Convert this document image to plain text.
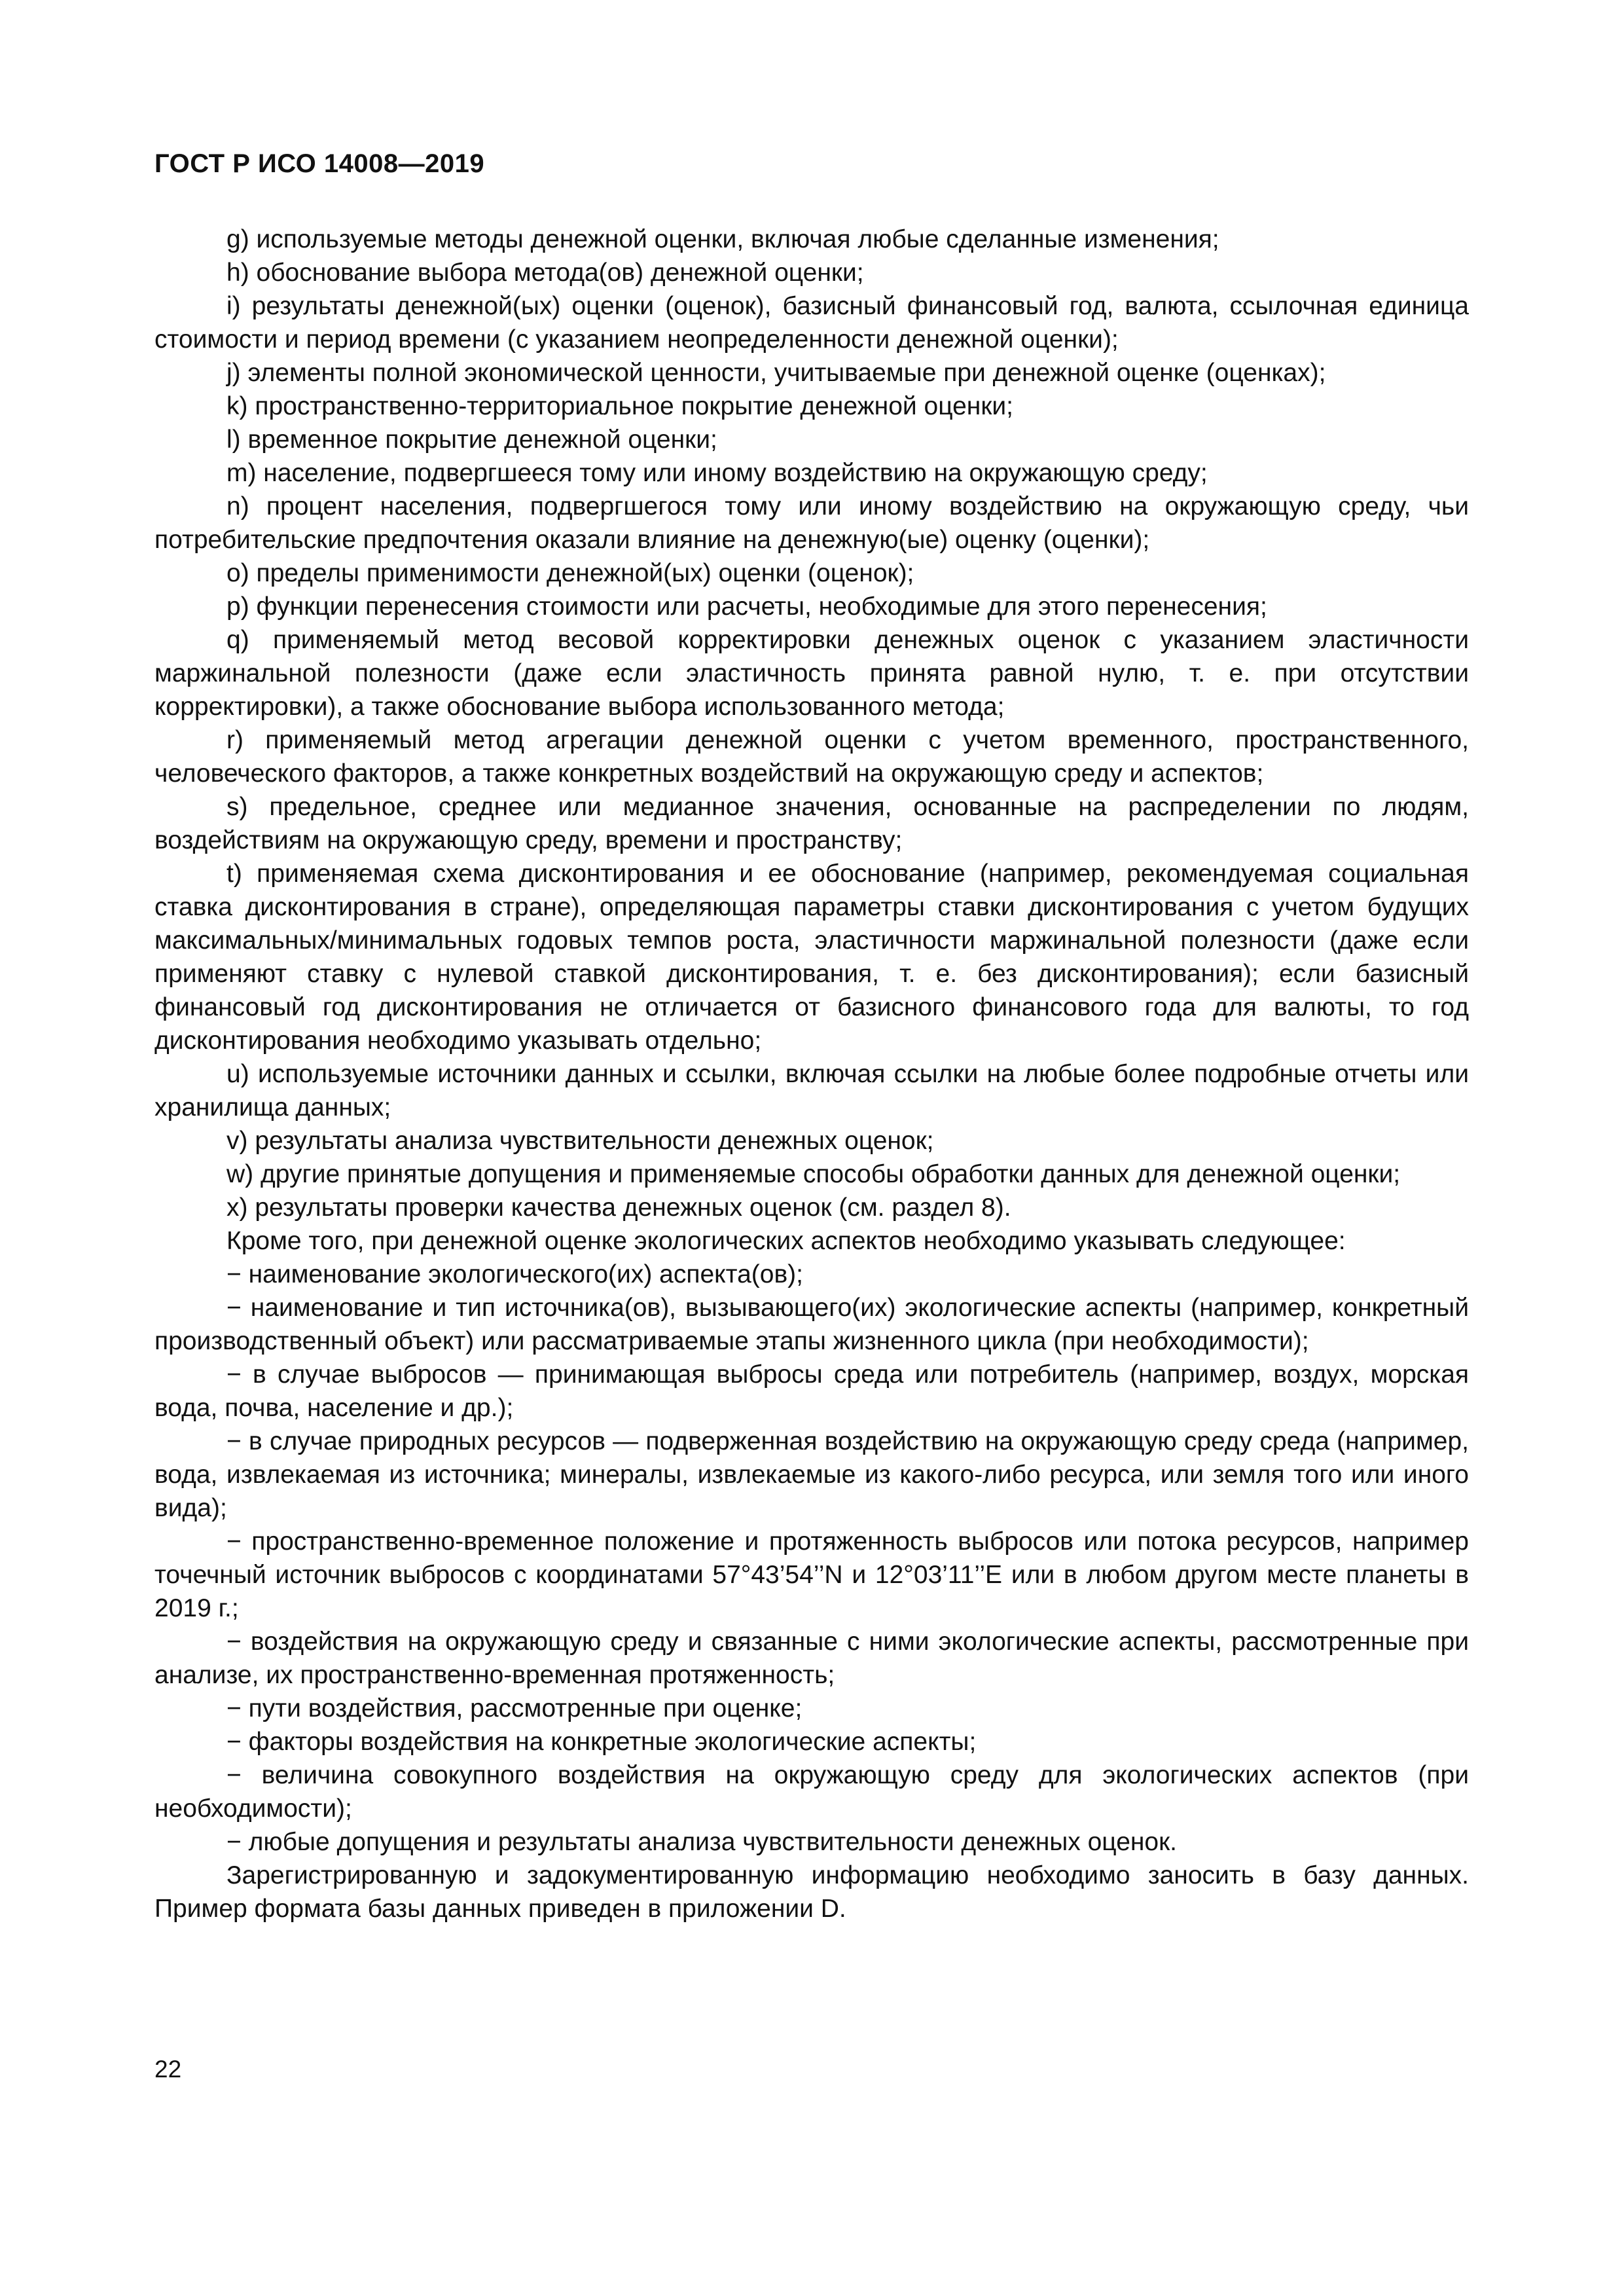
ГОСТ Р ИСО 14008—2019

g) используемые методы денежной оценки, включая любые сделанные изменения;

h) обоснование выбора метода(ов) денежной оценки;

i) результаты денежной(ых) оценки (оценок), базисный финансовый год, валюта, ссылочная единица стоимости и период времени (с указанием неопределенности денежной оценки);

j) элементы полной экономической ценности, учитываемые при денежной оценке (оценках);

k) пространственно-территориальное покрытие денежной оценки;

l) временное покрытие денежной оценки;

m) население, подвергшееся тому или иному воздействию на окружающую среду;

n) процент населения, подвергшегося тому или иному воздействию на окружающую среду, чьи потребительские предпочтения оказали влияние на денежную(ые) оценку (оценки);

o) пределы применимости денежной(ых) оценки (оценок);

p) функции перенесения стоимости или расчеты, необходимые для этого перенесения;

q) применяемый метод весовой корректировки денежных оценок с указанием эластичности маржинальной полезности (даже если эластичность принята равной нулю, т. е. при отсутствии корректировки), а также обоснование выбора использованного метода;

r) применяемый метод агрегации денежной оценки с учетом временного, пространственного, человеческого факторов, а также конкретных воздействий на окружающую среду и аспектов;

s) предельное, среднее или медианное значения, основанные на распределении по людям, воздействиям на окружающую среду, времени и пространству;

t) применяемая схема дисконтирования и ее обоснование (например, рекомендуемая социальная ставка дисконтирования в стране), определяющая параметры ставки дисконтирования с учетом будущих максимальных/минимальных годовых темпов роста, эластичности маржинальной полезности (даже если применяют ставку с нулевой ставкой дисконтирования, т. е. без дисконтирования); если базисный финансовый год дисконтирования не отличается от базисного финансового года для валюты, то год дисконтирования необходимо указывать отдельно;

u) используемые источники данных и ссылки, включая ссылки на любые более подробные отчеты или хранилища данных;

v) результаты анализа чувствительности денежных оценок;

w) другие принятые допущения и применяемые способы обработки данных для денежной оценки;

x) результаты проверки качества денежных оценок (см. раздел 8).

Кроме того, при денежной оценке экологических аспектов необходимо указывать следующее:

− наименование экологического(их) аспекта(ов);

− наименование и тип источника(ов), вызывающего(их) экологические аспекты (например, конкретный производственный объект) или рассматриваемые этапы жизненного цикла (при необходимости);

− в случае выбросов — принимающая выбросы среда или потребитель (например, воздух, морская вода, почва, население и др.);

− в случае природных ресурсов — подверженная воздействию на окружающую среду среда (например, вода, извлекаемая из источника; минералы, извлекаемые из какого-либо ресурса, или земля того или иного вида);

− пространственно-временное положение и протяженность выбросов или потока ресурсов, например точечный источник выбросов с координатами 57°43’54’’N и 12°03’11’’E или в любом другом месте планеты в 2019 г.;

− воздействия на окружающую среду и связанные с ними экологические аспекты, рассмотренные при анализе, их пространственно-временная протяженность;

− пути воздействия, рассмотренные при оценке;

− факторы воздействия на конкретные экологические аспекты;

− величина совокупного воздействия на окружающую среду для экологических аспектов (при необходимости);

− любые допущения и результаты анализа чувствительности денежных оценок.

Зарегистрированную и задокументированную информацию необходимо заносить в базу данных. Пример формата базы данных приведен в приложении D.

22
